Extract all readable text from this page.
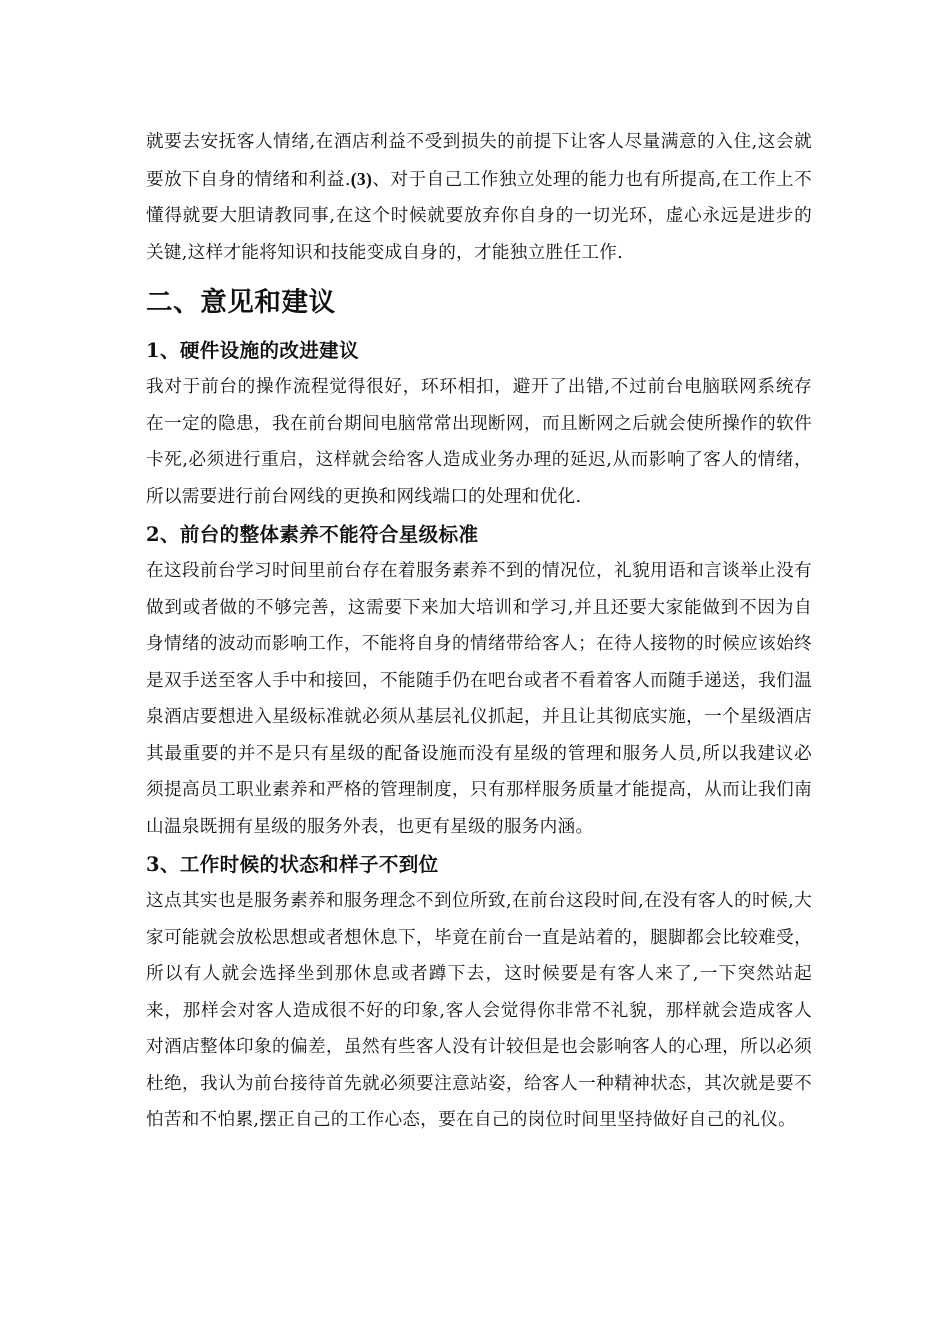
就要去安抚客人情绪,在酒店利益不受到损失的前提下让客人尽量满意的入住,这会就要放下自身的情绪和利益.(3)、对于自己工作独立处理的能力也有所提高,在工作上不懂得就要大胆请教同事,在这个时候就要放弃你自身的一切光环，虚心永远是进步的关键,这样才能将知识和技能变成自身的，才能独立胜任工作.

二、意见和建议
1、硬件设施的改进建议

我对于前台的操作流程觉得很好，环环相扣，避开了出错,不过前台电脑联网系统存在一定的隐患，我在前台期间电脑常常出现断网，而且断网之后就会使所操作的软件卡死,必须进行重启，这样就会给客人造成业务办理的延迟,从而影响了客人的情绪，所以需要进行前台网线的更换和网线端口的处理和优化.

2、前台的整体素养不能符合星级标准

在这段前台学习时间里前台存在着服务素养不到的情况位，礼貌用语和言谈举止没有做到或者做的不够完善，这需要下来加大培训和学习,并且还要大家能做到不因为自身情绪的波动而影响工作，不能将自身的情绪带给客人；在待人接物的时候应该始终是双手送至客人手中和接回，不能随手仍在吧台或者不看着客人而随手递送，我们温泉酒店要想进入星级标准就必须从基层礼仪抓起，并且让其彻底实施，一个星级酒店其最重要的并不是只有星级的配备设施而没有星级的管理和服务人员,所以我建议必须提高员工职业素养和严格的管理制度，只有那样服务质量才能提高，从而让我们南山温泉既拥有星级的服务外表，也更有星级的服务内涵。

3、工作时候的状态和样子不到位

这点其实也是服务素养和服务理念不到位所致,在前台这段时间,在没有客人的时候,大家可能就会放松思想或者想休息下，毕竟在前台一直是站着的，腿脚都会比较难受，所以有人就会选择坐到那休息或者蹲下去，这时候要是有客人来了,一下突然站起来，那样会对客人造成很不好的印象,客人会觉得你非常不礼貌，那样就会造成客人对酒店整体印象的偏差，虽然有些客人没有计较但是也会影响客人的心理，所以必须杜绝，我认为前台接待首先就必须要注意站姿，给客人一种精神状态，其次就是要不怕苦和不怕累,摆正自己的工作心态，要在自己的岗位时间里坚持做好自己的礼仪。
